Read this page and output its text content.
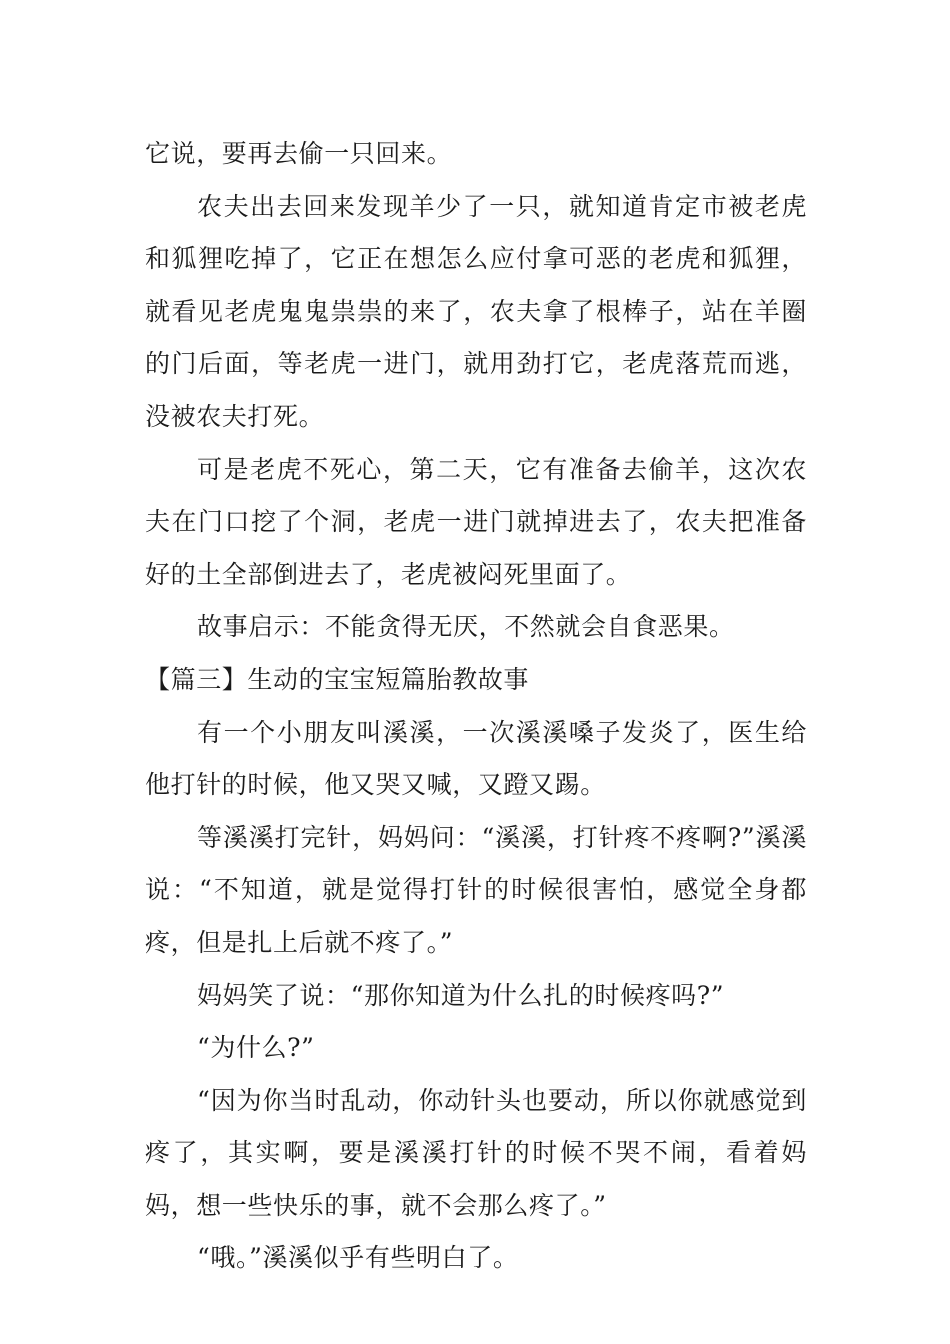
它说，要再去偷一只回来。

农夫出去回来发现羊少了一只，就知道肯定市被老虎和狐狸吃掉了，它正在想怎么应付拿可恶的老虎和狐狸，就看见老虎鬼鬼祟祟的来了，农夫拿了根棒子，站在羊圈的门后面，等老虎一进门，就用劲打它，老虎落荒而逃，没被农夫打死。

可是老虎不死心，第二天，它有准备去偷羊，这次农夫在门口挖了个洞，老虎一进门就掉进去了，农夫把准备好的土全部倒进去了，老虎被闷死里面了。

故事启示：不能贪得无厌，不然就会自食恶果。

【篇三】生动的宝宝短篇胎教故事

有一个小朋友叫溪溪，一次溪溪嗓子发炎了，医生给他打针的时候，他又哭又喊，又蹬又踢。

等溪溪打完针，妈妈问：“溪溪，打针疼不疼啊?”溪溪说：“不知道，就是觉得打针的时候很害怕，感觉全身都疼，但是扎上后就不疼了。”

妈妈笑了说：“那你知道为什么扎的时候疼吗?”

“为什么?”

“因为你当时乱动，你动针头也要动，所以你就感觉到疼了，其实啊，要是溪溪打针的时候不哭不闹，看着妈妈，想一些快乐的事，就不会那么疼了。”

“哦。”溪溪似乎有些明白了。
